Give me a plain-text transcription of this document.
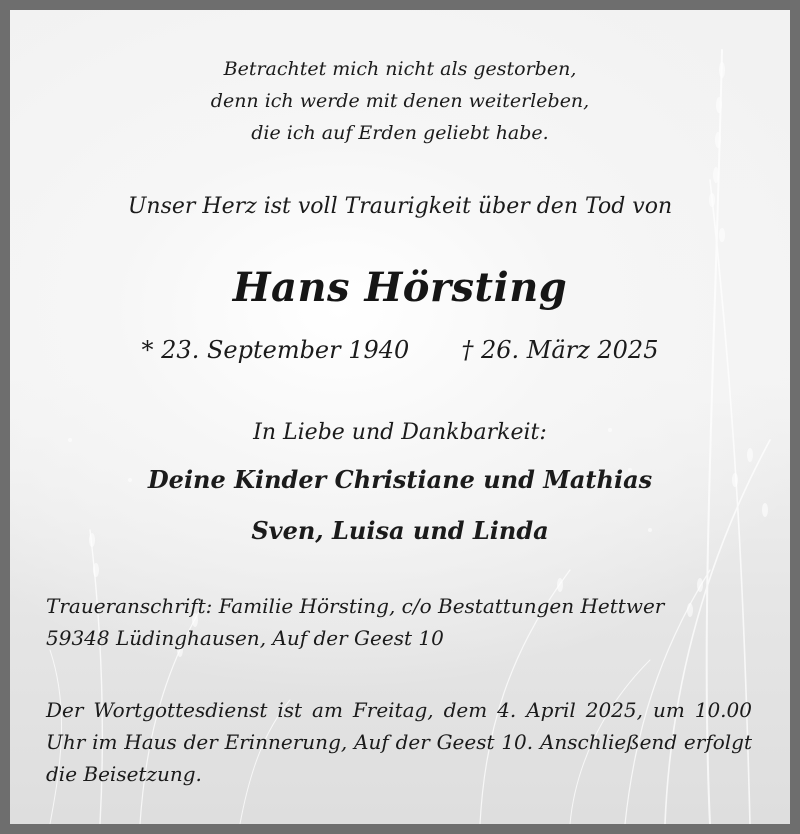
Betrachtet mich nicht als gestorben,

denn ich werde mit denen weiterleben,

die ich auf Erden geliebt habe.

Unser Herz ist voll Traurigkeit über den Tod von

Hans Hörsting

* 23. September 1940 † 26. März 2025

In Liebe und Dankbarkeit:

Deine Kinder Christiane und Mathias

Sven, Luisa und Linda

Traueranschrift: Familie Hörsting, c/o Bestattungen Hettwer

59348 Lüdinghausen, Auf der Geest 10

Der Wortgottesdienst ist am Freitag, dem 4. April 2025, um 10.00 Uhr im Haus der Erinnerung, Auf der Geest 10. Anschließend erfolgt die Beisetzung.
